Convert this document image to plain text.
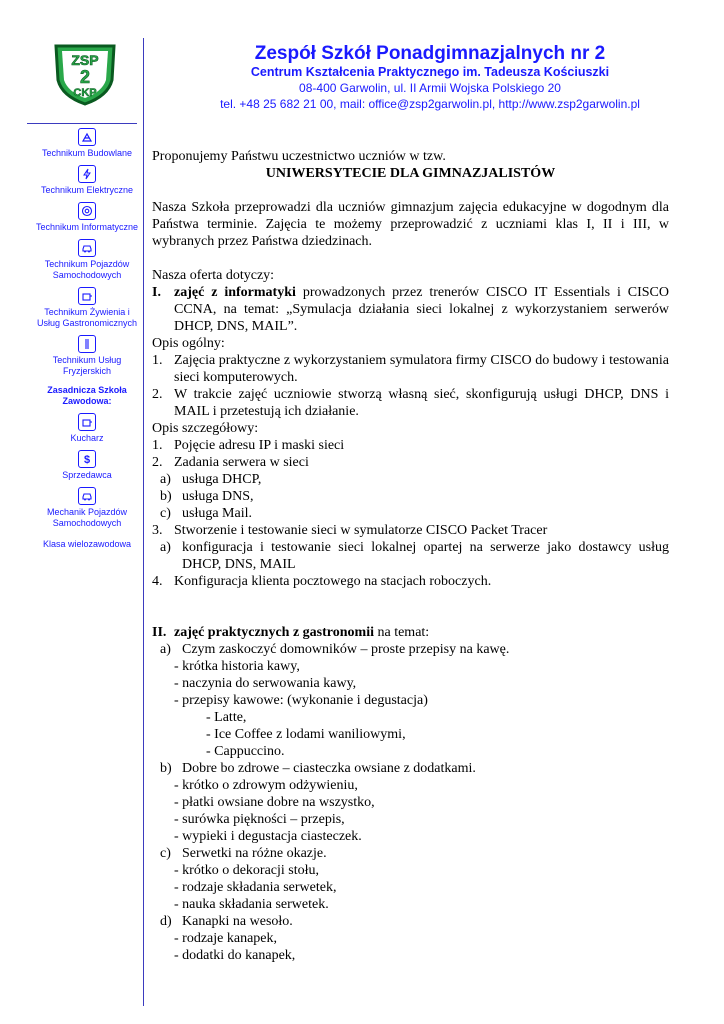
ZSP
2
CKP
Zespół Szkół Ponadgimnazjalnych nr 2
Centrum Kształcenia Praktycznego im. Tadeusza Kościuszki
08-400 Garwolin, ul. II Armii Wojska Polskiego 20
tel. +48 25 682 21 00, mail: office@zsp2garwolin.pl, http://www.zsp2garwolin.pl
Technikum Budowlane
Technikum Elektryczne
Technikum Informatyczne
Technikum Pojazdów Samochodowych
Technikum Żywienia i Usług Gastronomicznych
Technikum Usług Fryzjerskich
Zasadnicza Szkoła Zawodowa:
Kucharz
$
Sprzedawca
Mechanik Pojazdów Samochodowych
Klasa wielozawodowa

Proponujemy Państwu uczestnictwo uczniów w tzw.

UNIWERSYTECIE DLA GIMNAZJALISTÓW

Nasza Szkoła przeprowadzi dla uczniów gimnazjum zajęcia edukacyjne w dogodnym dla Państwa terminie. Zajęcia te możemy przeprowadzić z uczniami klas I, II i III, w wybranych przez Państwa dziedzinach.

Nasza oferta dotyczy:

I. zajęć z informatyki prowadzonych przez trenerów CISCO IT Essentials i CISCO CCNA, na temat: „Symulacja działania sieci lokalnej z wykorzystaniem serwerów DHCP, DNS, MAIL”.

Opis ogólny:

1. Zajęcia praktyczne z wykorzystaniem symulatora firmy CISCO do budowy i testowania sieci komputerowych.
2. W trakcie zajęć uczniowie stworzą własną sieć, skonfigurują usługi DHCP, DNS i MAIL i przetestują ich działanie.

Opis szczegółowy:

1. Pojęcie adresu IP i maski sieci
2. Zadania serwera w sieci
a) usługa DHCP,
b) usługa DNS,
c) usługa Mail.
3. Stworzenie i testowanie sieci w symulatorze CISCO Packet Tracer
a) konfiguracja i testowanie sieci lokalnej opartej na serwerze jako dostawcy usług DHCP, DNS, MAIL
4. Konfiguracja klienta pocztowego na stacjach roboczych.
II. zajęć praktycznych z gastronomii na temat:
a) Czym zaskoczyć domowników – proste przepisy na kawę.

- krótka historia kawy,

- naczynia do serwowania kawy,

- przepisy kawowe: (wykonanie i degustacja)

- Latte,

- Ice Coffee z lodami waniliowymi,

- Cappuccino.

b) Dobre bo zdrowe – ciasteczka owsiane z dodatkami.

- krótko o zdrowym odżywieniu,

- płatki owsiane dobre na wszystko,

- surówka piękności – przepis,

- wypieki i degustacja ciasteczek.

c) Serwetki na różne okazje.

- krótko o dekoracji stołu,

- rodzaje składania serwetek,

- nauka składania serwetek.

d) Kanapki na wesoło.

- rodzaje kanapek,

- dodatki do kanapek,
